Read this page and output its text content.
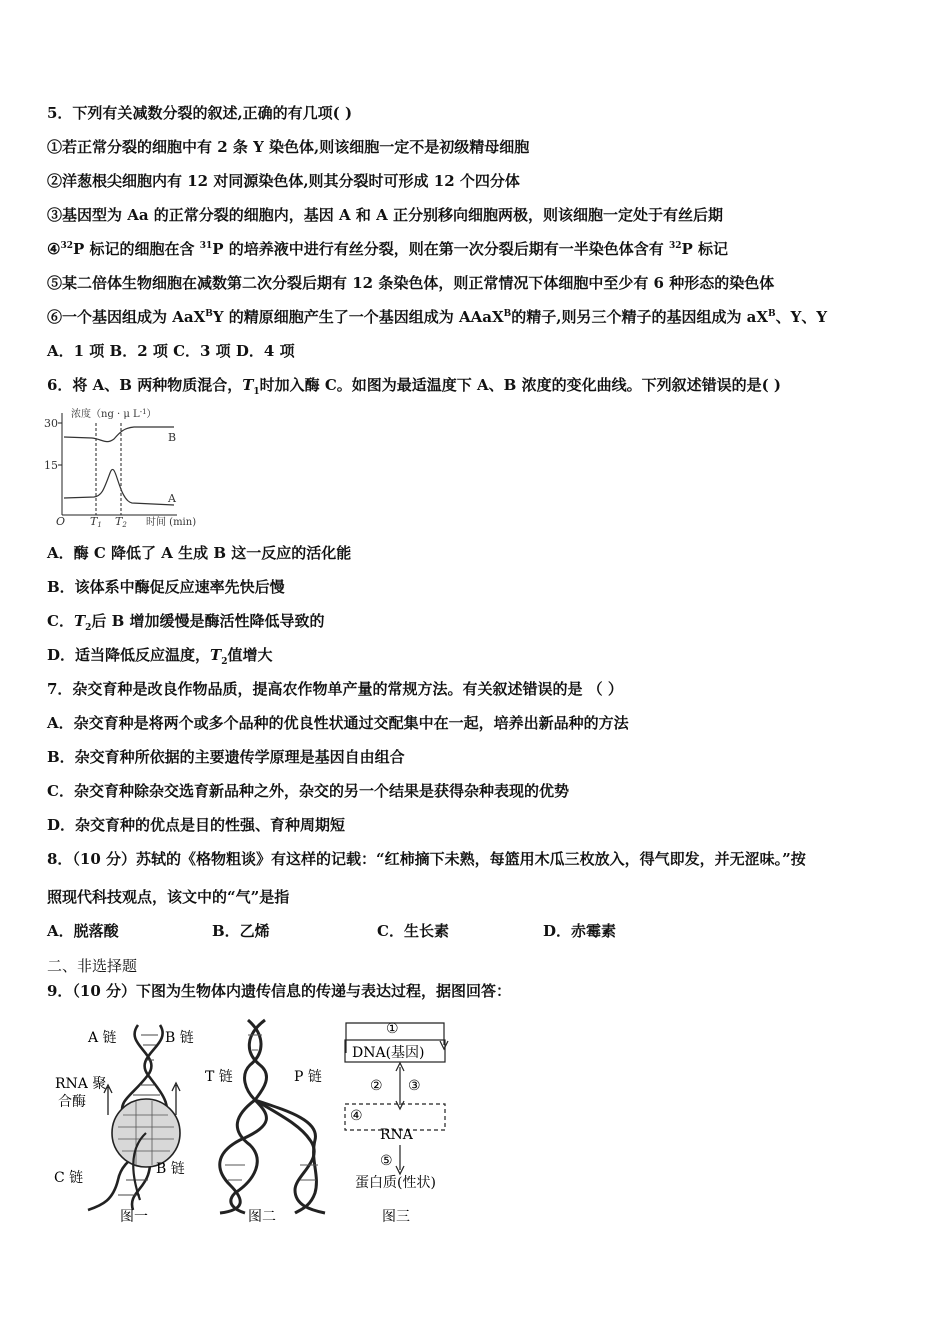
5．下列有关减数分裂的叙述,正确的有几项( )
①若正常分裂的细胞中有 2 条 Y 染色体,则该细胞一定不是初级精母细胞
②洋葱根尖细胞内有 12 对同源染色体,则其分裂时可形成 12 个四分体
③基因型为 Aa 的正常分裂的细胞内，基因 A 和 A 正分别移向细胞两极，则该细胞一定处于有丝后期
④$^{32}$P 标记的细胞在含 $^{31}$P 的培养液中进行有丝分裂，则在第一次分裂后期有一半染色体含有 $^{32}$P 标记
⑤某二倍体生物细胞在减数第二次分裂后期有 12 条染色体，则正常情况下体细胞中至少有 6 种形态的染色体
⑥一个基因组成为 AaX$^B$Y 的精原细胞产生了一个基因组成为 AAaX$^B$的精子,则另三个精子的基因组成为 $aX^B$、Y、Y
A．1 项 B．2 项 C．3 项 D．4 项
6．将 A、B 两种物质混合，$T_1$时加入酶 C。如图为最适温度下 A、B 浓度的变化曲线。下列叙述错误的是( )
浓度（ng · μ $L^{-1}$）
30
15
O T1 T2 时间 (min)
B
A
A．酶 C 降低了 A 生成 B 这一反应的活化能
B．该体系中酶促反应速率先快后慢
C．$T_2$后 B 增加缓慢是酶活性降低导致的
D．适当降低反应温度，$T_2$值增大
7．杂交育种是改良作物品质，提高农作物单产量的常规方法。有关叙述错误的是 （ ）
A．杂交育种是将两个或多个品种的优良性状通过交配集中在一起，培养出新品种的方法
B．杂交育种所依据的主要遗传学原理是基因自由组合
C．杂交育种除杂交选育新品种之外，杂交的另一个结果是获得杂种表现的优势
D．杂交育种的优点是目的性强、育种周期短
8．（10 分）苏轼的《格物粗谈》有这样的记载：“红柿摘下未熟，每篮用木瓜三枚放入，得气即发，并无涩味。”按
照现代科技观点，该文中的“气”是指
A．脱落酸	B．乙烯	C．生长素	D．赤霉素
二、非选择题
9．（10 分）下图为生物体内遗传信息的传递与表达过程，据图回答：
A 链	B 链
RNA 聚
合酶
C 链
B 链
图一
T 链	P 链
图二
①
DNA(基因)
② ③
④
RNA
⑤
蛋白质(性状)
图三
